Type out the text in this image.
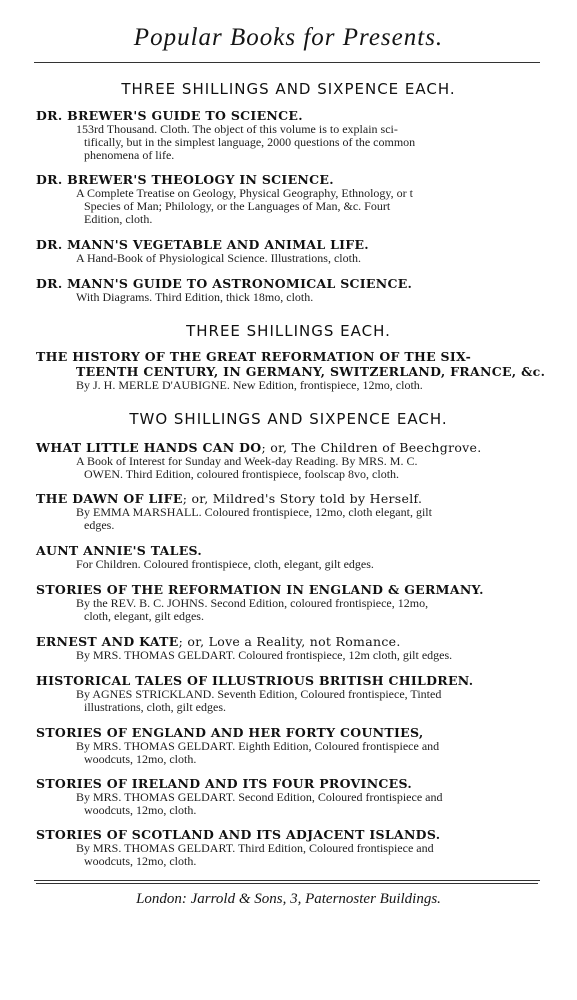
Popular Books for Presents.
THREE SHILLINGS AND SIXPENCE EACH.
DR. BREWER'S GUIDE TO SCIENCE.
153rd Thousand. Cloth. The object of this volume is to explain sci-
tifically, but in the simplest language, 2000 questions of the common
phenomena of life.
DR. BREWER'S THEOLOGY IN SCIENCE.
A Complete Treatise on Geology, Physical Geography, Ethnology, or t
Species of Man; Philology, or the Languages of Man, &c. Fourt
Edition, cloth.
DR. MANN'S VEGETABLE AND ANIMAL LIFE.
A Hand-Book of Physiological Science. Illustrations, cloth.
DR. MANN'S GUIDE TO ASTRONOMICAL SCIENCE.
With Diagrams. Third Edition, thick 18mo, cloth.
THREE SHILLINGS EACH.
THE HISTORY OF THE GREAT REFORMATION OF THE SIX-
TEENTH CENTURY, IN GERMANY, SWITZERLAND, FRANCE, &c.
By J. H. MERLE D'AUBIGNE. New Edition, frontispiece, 12mo, cloth.
TWO SHILLINGS AND SIXPENCE EACH.
WHAT LITTLE HANDS CAN DO; or, The Children of Beechgrove.
A Book of Interest for Sunday and Week-day Reading. By MRS. M. C.
OWEN. Third Edition, coloured frontispiece, foolscap 8vo, cloth.
THE DAWN OF LIFE; or, Mildred's Story told by Herself.
By EMMA MARSHALL. Coloured frontispiece, 12mo, cloth elegant, gilt
edges.
AUNT ANNIE'S TALES.
For Children. Coloured frontispiece, cloth, elegant, gilt edges.
STORIES OF THE REFORMATION IN ENGLAND & GERMANY.
By the REV. B. C. JOHNS. Second Edition, coloured frontispiece, 12mo,
cloth, elegant, gilt edges.
ERNEST AND KATE; or, Love a Reality, not Romance.
By MRS. THOMAS GELDART. Coloured frontispiece, 12m cloth, gilt edges.
HISTORICAL TALES OF ILLUSTRIOUS BRITISH CHILDREN.
By AGNES STRICKLAND. Seventh Edition, Coloured frontispiece, Tinted
illustrations, cloth, gilt edges.
STORIES OF ENGLAND AND HER FORTY COUNTIES,
By MRS. THOMAS GELDART. Eighth Edition, Coloured frontispiece and
woodcuts, 12mo, cloth.
STORIES OF IRELAND AND ITS FOUR PROVINCES.
By MRS. THOMAS GELDART. Second Edition, Coloured frontispiece and
woodcuts, 12mo, cloth.
STORIES OF SCOTLAND AND ITS ADJACENT ISLANDS.
By MRS. THOMAS GELDART. Third Edition, Coloured frontispiece and
woodcuts, 12mo, cloth.
London: Jarrold & Sons, 3, Paternoster Buildings.
